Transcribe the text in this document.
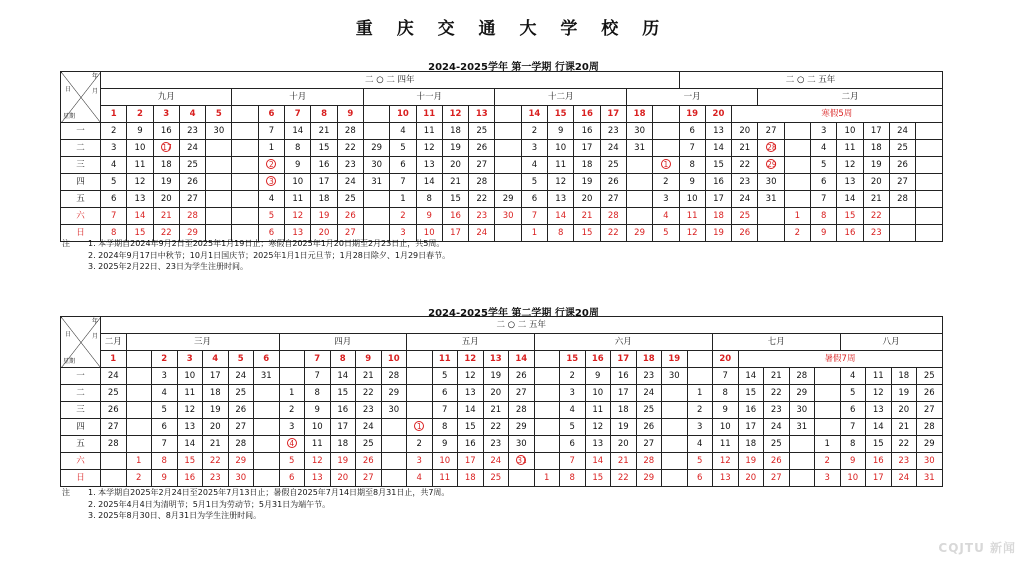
重 庆 交 通 大 学 校 历
2024-2025学年 第一学期 行课20周
年
月
日
星期	二 ○ 二 四年																						二 ○ 二 五年									
	九月					十月					十一月					十二月					一月					二月						
	1	2	3	4	5		6	7	8	9		10	11	12	13		14	15	16	17	18		19	20	寒假5周							
一	2	9	16	23	30		7	14	21	28		4	11	18	25		2	9	16	23	30		6	13	20	27		3	10	17	24	
二	3	10	17	24			1	8	15	22	29	5	12	19	26		3	10	17	24	31		7	14	21	28		4	11	18	25	
三	4	11	18	25			2	9	16	23	30	6	13	20	27		4	11	18	25		1	8	15	22	29		5	12	19	26	
四	5	12	19	26			3	10	17	24	31	7	14	21	28		5	12	19	26		2	9	16	23	30		6	13	20	27	
五	6	13	20	27			4	11	18	25		1	8	15	22	29	6	13	20	27		3	10	17	24	31		7	14	21	28	
六	7	14	21	28			5	12	19	26		2	9	16	23	30	7	14	21	28		4	11	18	25		1	8	15	22		
日	8	15	22	29			6	13	20	27		3	10	17	24		1	8	15	22	29	5	12	19	26		2	9	16	23		
注 1. 本学期自2024年9月2日至2025年1月19日止；寒假自2025年1月20日期至2月23日止，共5周。
2. 2024年9月17日中秋节；10月1日国庆节；2025年1月1日元旦节；1月28日除夕、1月29日春节。
3. 2025年2月22日、23日为学生注册时间。
2024-2025学年 第二学期 行课20周
年
月
日
星期	二 ○ 二 五年																																
	二月	三月						四月					五月					六月							七月					八月			
	1		2	3	4	5	6		7	8	9	10		11	12	13	14		15	16	17	18	19		20	暑假7周							
一	24		3	10	17	24	31		7	14	21	28		5	12	19	26		2	9	16	23	30		7	14	21	28		4	11	18	25
二	25		4	11	18	25		1	8	15	22	29		6	13	20	27		3	10	17	24		1	8	15	22	29		5	12	19	26
三	26		5	12	19	26		2	9	16	23	30		7	14	21	28		4	11	18	25		2	9	16	23	30		6	13	20	27
四	27		6	13	20	27		3	10	17	24		1	8	15	22	29		5	12	19	26		3	10	17	24	31		7	14	21	28
五	28		7	14	21	28		4	11	18	25		2	9	16	23	30		6	13	20	27		4	11	18	25		1	8	15	22	29
六		1	8	15	22	29		5	12	19	26		3	10	17	24	31		7	14	21	28		5	12	19	26		2	9	16	23	30
日		2	9	16	23	30		6	13	20	27		4	11	18	25		1	8	15	22	29		6	13	20	27		3	10	17	24	31
注 1. 本学期自2025年2月24日至2025年7月13日止；暑假自2025年7月14日期至8月31日止，共7周。
2. 2025年4月4日为清明节；5月1日为劳动节；5月31日为端午节。
3. 2025年8月30日、8月31日为学生注册时间。
CQJTU 新闻
